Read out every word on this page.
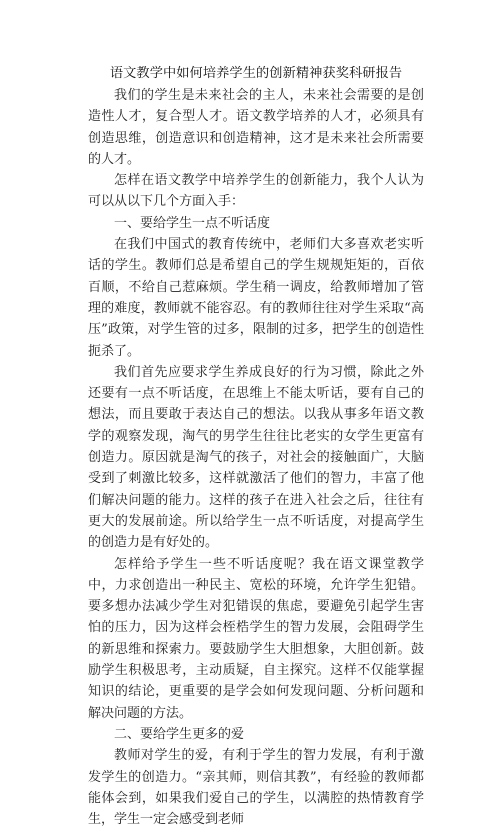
语文教学中如何培养学生的创新精神获奖科研报告

我们的学生是未来社会的主人，未来社会需要的是创造性人才，复合型人才。语文教学培养的人才，必须具有创造思维，创造意识和创造精神，这才是未来社会所需要的人才。

怎样在语文教学中培养学生的创新能力，我个人认为可以从以下几个方面入手：

一、要给学生一点不听话度

在我们中国式的教育传统中，老师们大多喜欢老实听话的学生。教师们总是希望自己的学生规规矩矩的，百依百顺，不给自己惹麻烦。学生稍一调皮，给教师增加了管理的难度，教师就不能容忍。有的教师往往对学生采取“高压”政策，对学生管的过多，限制的过多，把学生的创造性扼杀了。

我们首先应要求学生养成良好的行为习惯，除此之外还要有一点不听话度，在思维上不能太听话，要有自己的想法，而且要敢于表达自己的想法。以我从事多年语文教学的观察发现，淘气的男学生往往比老实的女学生更富有创造力。原因就是淘气的孩子，对社会的接触面广，大脑受到了刺激比较多，这样就激活了他们的智力，丰富了他们解决问题的能力。这样的孩子在进入社会之后，往往有更大的发展前途。所以给学生一点不听话度，对提高学生的创造力是有好处的。

怎样给予学生一些不听话度呢？我在语文课堂教学中，力求创造出一种民主、宽松的环境，允许学生犯错。要多想办法减少学生对犯错误的焦虑，要避免引起学生害怕的压力，因为这样会桎梏学生的智力发展，会阻碍学生的新思维和探索力。要鼓励学生大胆想象，大胆创新。鼓励学生积极思考，主动质疑，自主探究。这样不仅能掌握知识的结论，更重要的是学会如何发现问题、分析问题和解决问题的方法。

二、要给学生更多的爱

教师对学生的爱，有利于学生的智力发展，有利于激发学生的创造力。“亲其师，则信其教”，有经验的教师都能体会到，如果我们爱自己的学生，以满腔的热情教育学生，学生一定会感受到老师
